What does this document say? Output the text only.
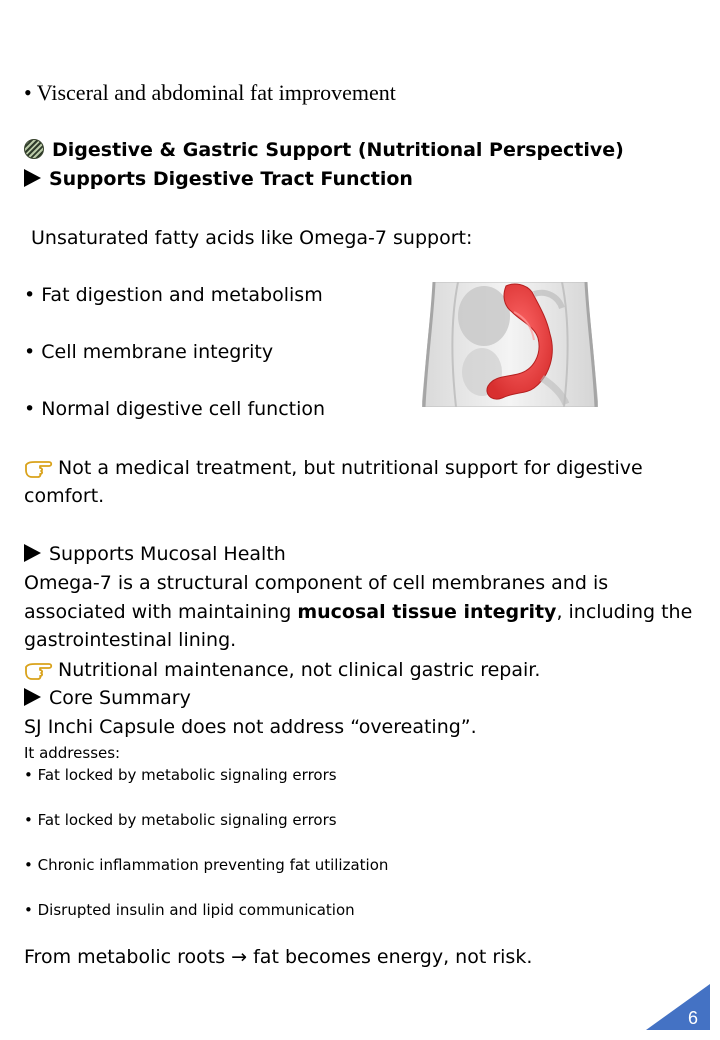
• Visceral and abdominal fat improvement
Digestive & Gastric Support (Nutritional Perspective)
Supports Digestive Tract Function
Unsaturated fatty acids like Omega-7 support:
• Fat digestion and metabolism
• Cell membrane integrity
• Normal digestive cell function
Not a medical treatment, but nutritional support for digestive
comfort.
Supports Mucosal Health
Omega-7 is a structural component of cell membranes and is
associated with maintaining mucosal tissue integrity, including the
gastrointestinal lining.
Nutritional maintenance, not clinical gastric repair.
Core Summary
SJ Inchi Capsule does not address “overeating”.
It addresses:
• Fat locked by metabolic signaling errors
• Fat locked by metabolic signaling errors
• Chronic inflammation preventing fat utilization
• Disrupted insulin and lipid communication
From metabolic roots → fat becomes energy, not risk.
6
